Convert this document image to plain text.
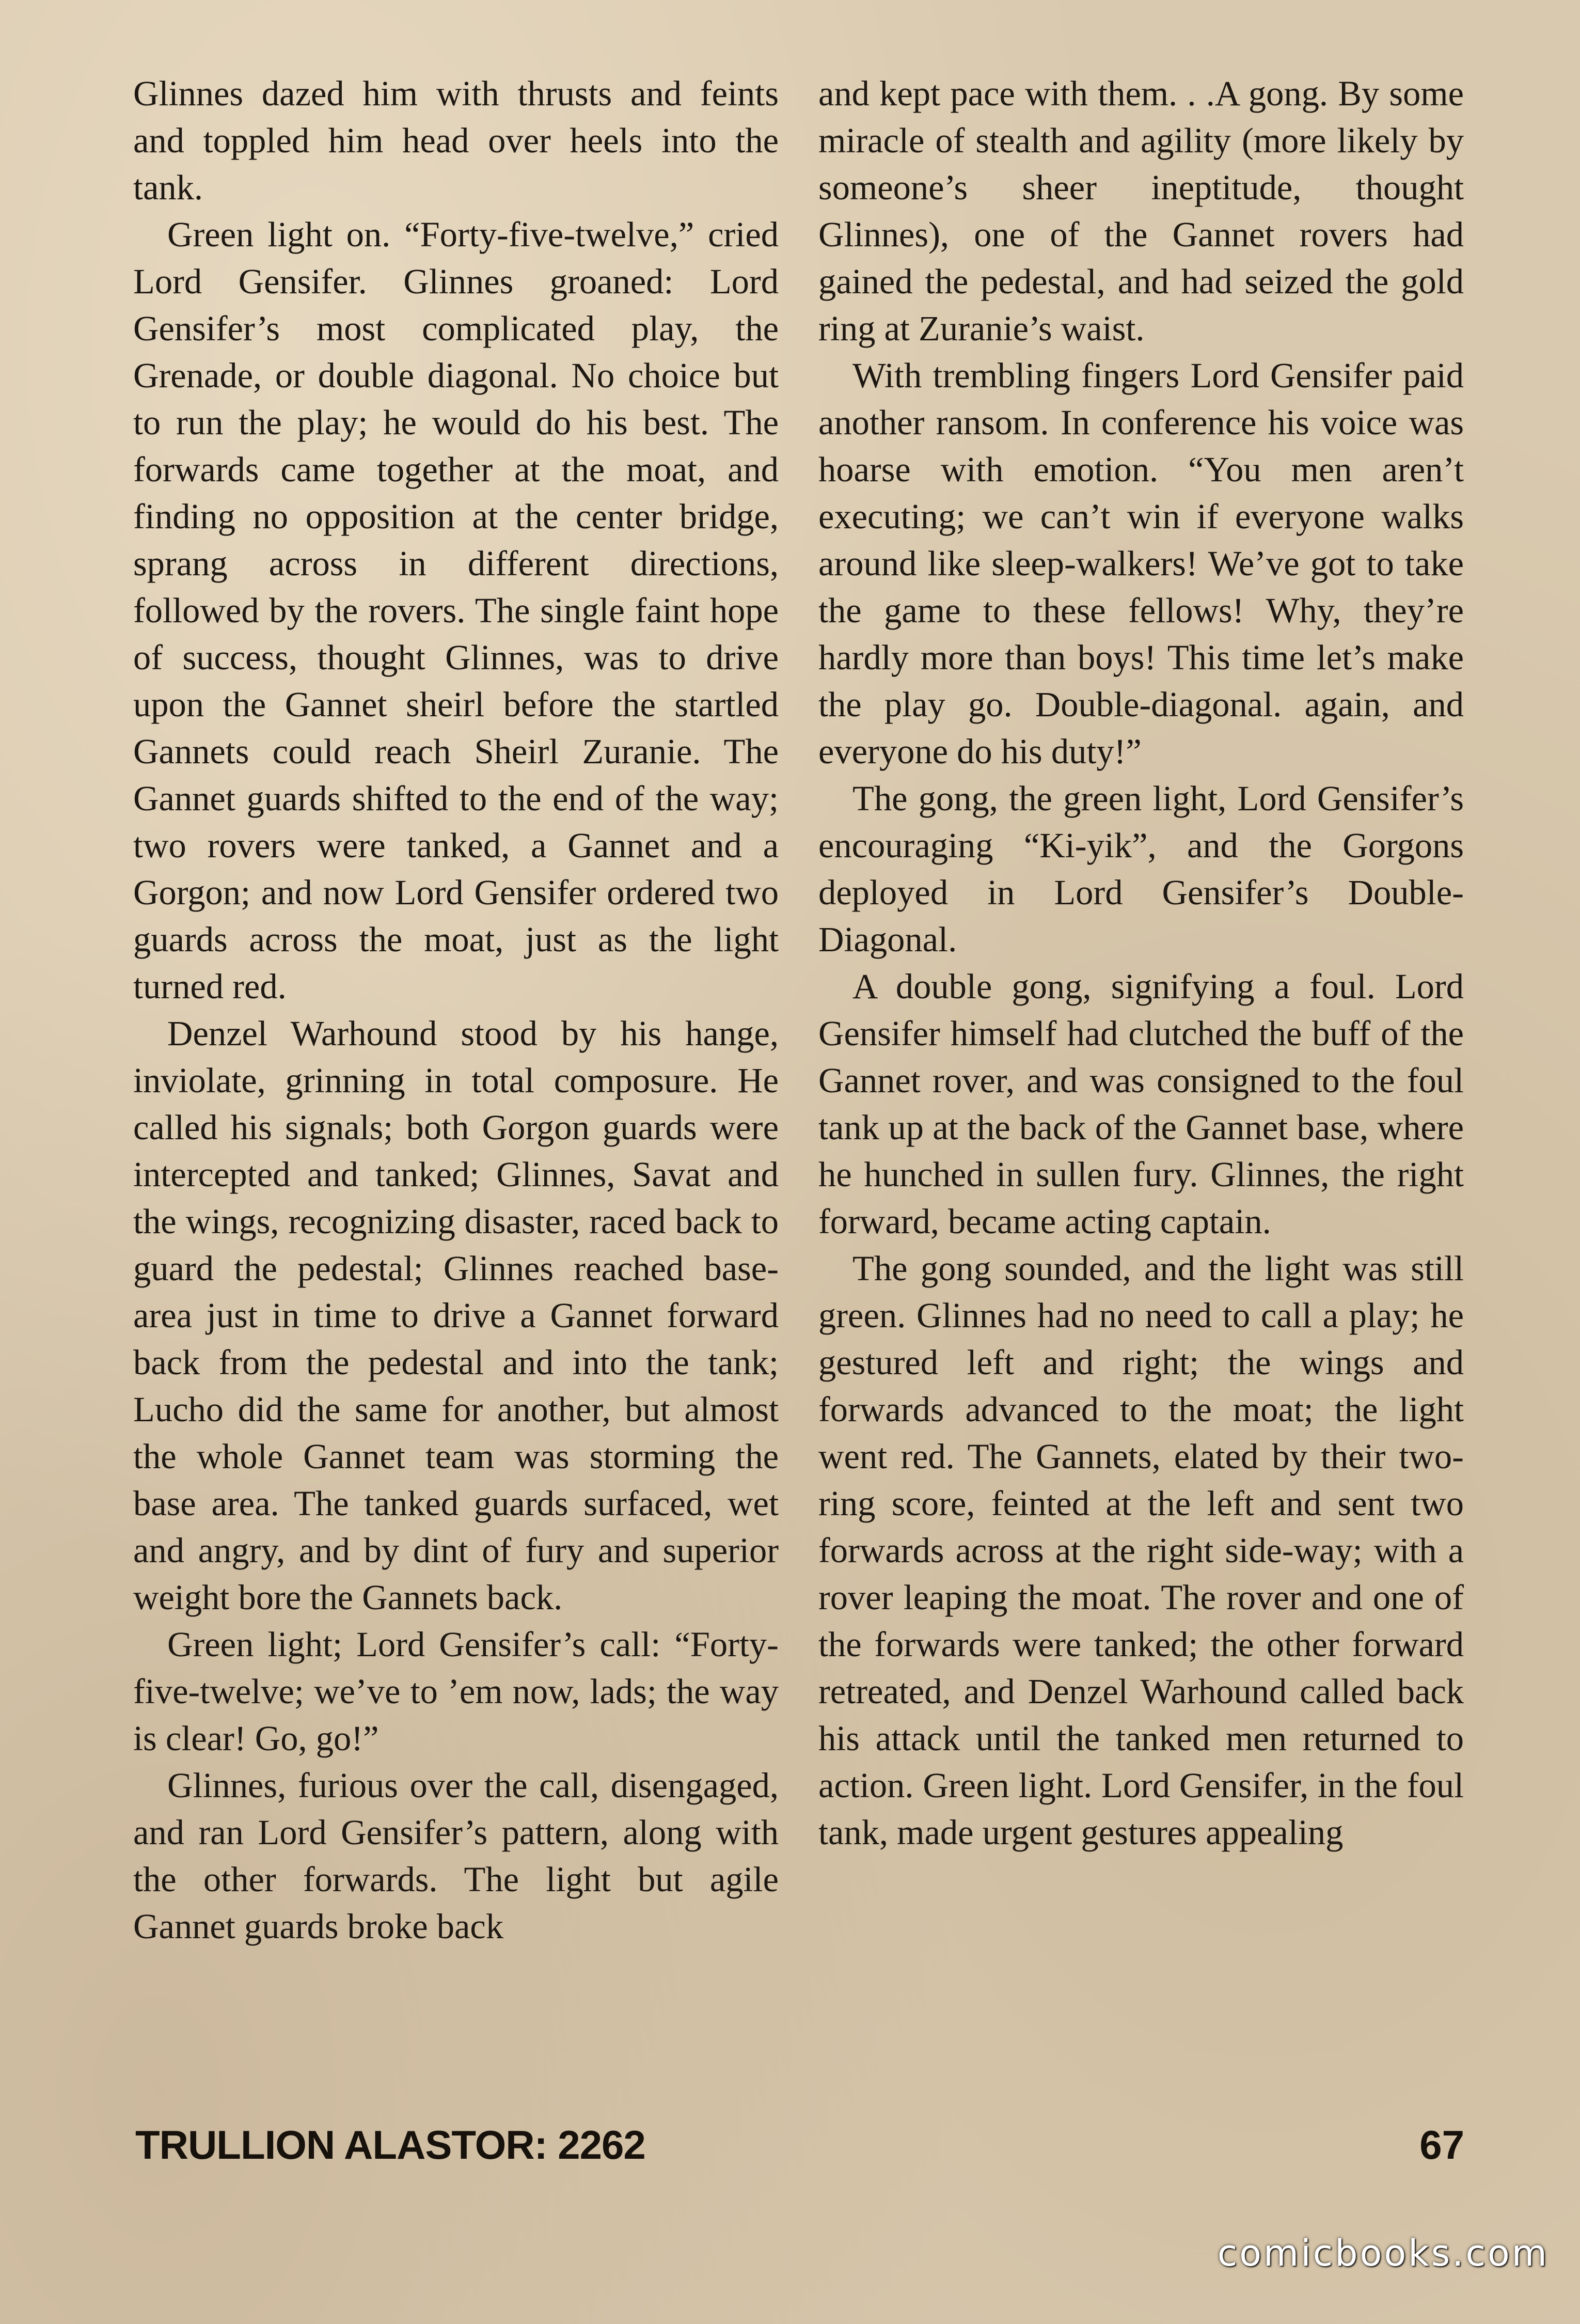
Glinnes dazed him with thrusts and feints and toppled him head over heels into the tank.

Green light on. “Forty-five-twelve,” cried Lord Gensifer. Glinnes groaned: Lord Gensifer’s most complicated play, the Grenade, or double diagonal. No choice but to run the play; he would do his best. The forwards came together at the moat, and finding no opposition at the center bridge, sprang across in different directions, followed by the rovers. The single faint hope of success, thought Glinnes, was to drive upon the Gannet sheirl before the startled Gannets could reach Sheirl Zuranie. The Gannet guards shifted to the end of the way; two rovers were tanked, a Gannet and a Gorgon; and now Lord Gensifer ordered two guards across the moat, just as the light turned red.

Denzel Warhound stood by his hange, inviolate, grinning in total composure. He called his signals; both Gorgon guards were intercepted and tanked; Glinnes, Savat and the wings, recognizing disaster, raced back to guard the pedestal; Glinnes reached base-area just in time to drive a Gannet forward back from the pedestal and into the tank; Lucho did the same for another, but almost the whole Gannet team was storming the base area. The tanked guards surfaced, wet and angry, and by dint of fury and superior weight bore the Gannets back.

Green light; Lord Gensifer’s call: “Forty-five-twelve; we’ve to ’em now, lads; the way is clear! Go, go!”

Glinnes, furious over the call, disengaged, and ran Lord Gensifer’s pattern, along with the other forwards. The light but agile Gannet guards broke back

and kept pace with them. . .A gong. By some miracle of stealth and agility (more likely by someone’s sheer ineptitude, thought Glinnes), one of the Gannet rovers had gained the pedestal, and had seized the gold ring at Zuranie’s waist.

With trembling fingers Lord Gensifer paid another ransom. In conference his voice was hoarse with emotion. “You men aren’t executing; we can’t win if everyone walks around like sleep-walkers! We’ve got to take the game to these fellows! Why, they’re hardly more than boys! This time let’s make the play go. Double-diagonal. again, and everyone do his duty!”

The gong, the green light, Lord Gensifer’s encouraging “Ki-yik”, and the Gorgons deployed in Lord Gensifer’s Double-Diagonal.

A double gong, signifying a foul. Lord Gensifer himself had clutched the buff of the Gannet rover, and was consigned to the foul tank up at the back of the Gannet base, where he hunched in sullen fury. Glinnes, the right forward, became acting captain.

The gong sounded, and the light was still green. Glinnes had no need to call a play; he gestured left and right; the wings and forwards advanced to the moat; the light went red. The Gannets, elated by their two-ring score, feinted at the left and sent two forwards across at the right side-way; with a rover leaping the moat. The rover and one of the forwards were tanked; the other forward retreated, and Denzel Warhound called back his attack until the tanked men returned to action. Green light. Lord Gensifer, in the foul tank, made urgent gestures appealing

TRULLION ALASTOR: 2262	67
comicbooks.com
